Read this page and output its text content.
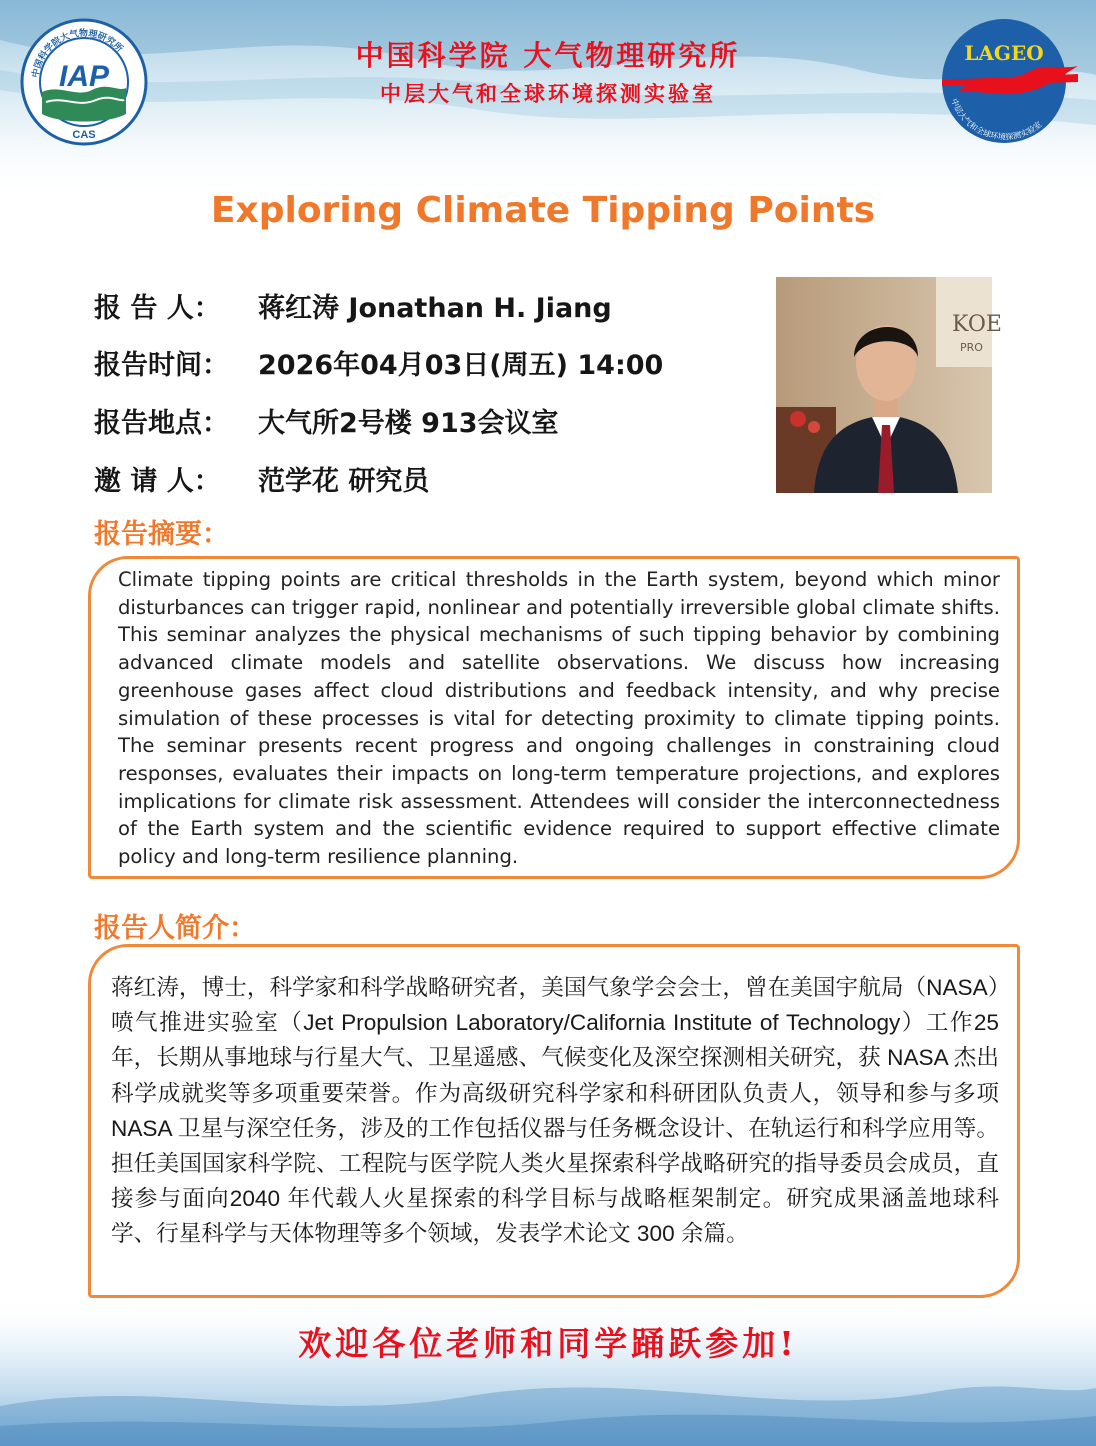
IAP
CAS
中国科学院大气物理研究所	LAGEO
中层大气和全球环境探测实验室
中国科学院 大气物理研究所
中层大气和全球环境探测实验室
Exploring Climate Tipping Points
报 告 人： 蒋红涛 Jonathan H. Jiang
报告时间： 2026年04月03日(周五) 14:00
报告地点： 大气所2号楼 913会议室
邀 请 人： 范学花 研究员
KOE
PRO
报告摘要：
Climate tipping points are critical thresholds in the Earth system, beyond which minor disturbances can trigger rapid, nonlinear and potentially irreversible global climate shifts. This seminar analyzes the physical mechanisms of such tipping behavior by combining advanced climate models and satellite observations. We discuss how increasing greenhouse gases affect cloud distributions and feedback intensity, and why precise simulation of these processes is vital for detecting proximity to climate tipping points. The seminar presents recent progress and ongoing challenges in constraining cloud responses, evaluates their impacts on long-term temperature projections, and explores implications for climate risk assessment. Attendees will consider the interconnectedness of the Earth system and the scientific evidence required to support effective climate policy and long-term resilience planning.
报告人简介：
蒋红涛，博士，科学家和科学战略研究者，美国气象学会会士，曾在美国宇航局（NASA）喷气推进实验室（Jet Propulsion Laboratory/California Institute of Technology）工作25年，长期从事地球与行星大气、卫星遥感、气候变化及深空探测相关研究，获 NASA 杰出科学成就奖等多项重要荣誉。作为高级研究科学家和科研团队负责人，领导和参与多项 NASA 卫星与深空任务，涉及的工作包括仪器与任务概念设计、在轨运行和科学应用等。担任美国国家科学院、工程院与医学院人类火星探索科学战略研究的指导委员会成员，直接参与面向2040 年代载人火星探索的科学目标与战略框架制定。研究成果涵盖地球科学、行星科学与天体物理等多个领域，发表学术论文 300 余篇。
欢迎各位老师和同学踊跃参加!
